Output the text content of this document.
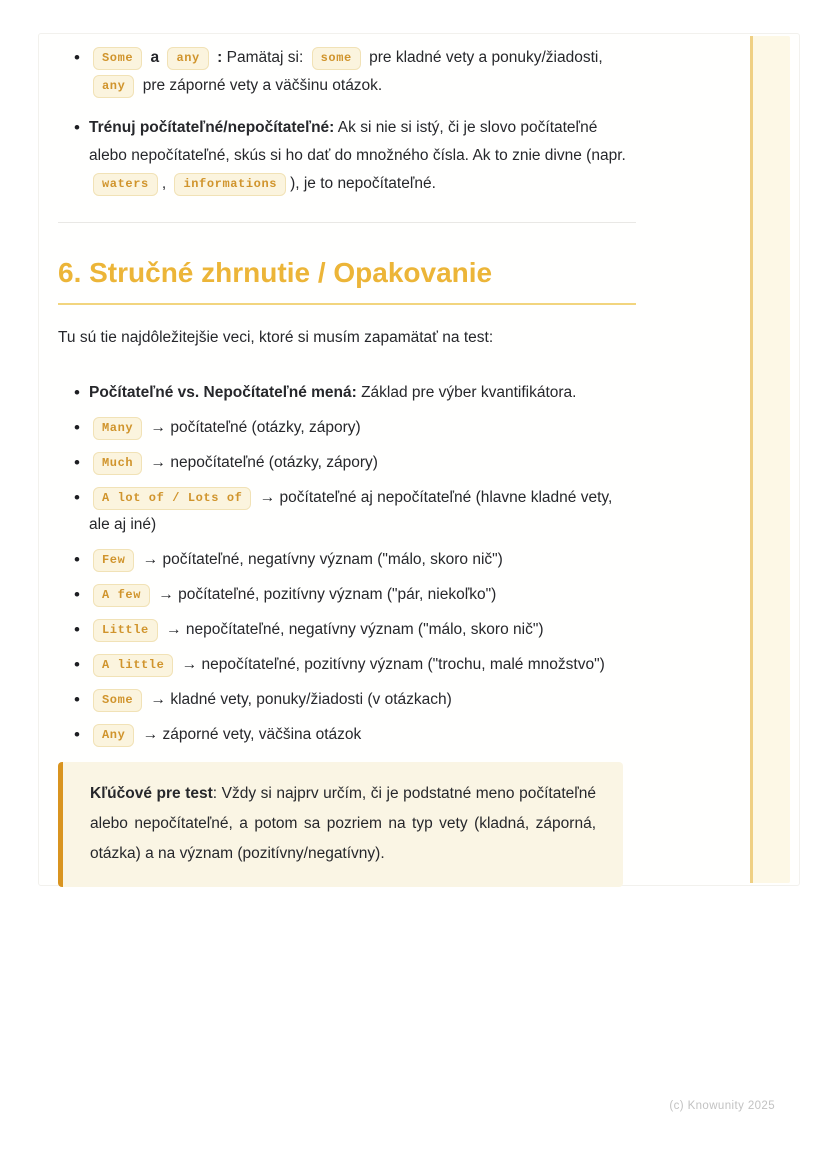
• Some a any : Pamätaj si: some pre kladné vety a ponuky/žiadosti, any pre záporné vety a väčšinu otázok.
• Trénuj počítateľné/nepočítateľné: Ak si nie si istý, či je slovo počítateľné alebo nepočítateľné, skús si ho dať do množného čísla. Ak to znie divne (napr. waters , informations ), je to nepočítateľné.
6. Stručné zhrnutie / Opakovanie

Tu sú tie najdôležitejšie veci, ktoré si musím zapamätať na test:

• Počítateľné vs. Nepočítateľné mená: Základ pre výber kvantifikátora.
• Many → počítateľné (otázky, zápory)
• Much → nepočítateľné (otázky, zápory)
• A lot of / Lots of → počítateľné aj nepočítateľné (hlavne kladné vety, ale aj iné)
• Few → počítateľné, negatívny význam ("málo, skoro nič")
• A few → počítateľné, pozitívny význam ("pár, niekoľko")
• Little → nepočítateľné, negatívny význam ("málo, skoro nič")
• A little → nepočítateľné, pozitívny význam ("trochu, malé množstvo")
• Some → kladné vety, ponuky/žiadosti (v otázkach)
• Any → záporné vety, väčšina otázok

Kľúčové pre test: Vždy si najprv určím, či je podstatné meno počítateľné alebo nepočítateľné, a potom sa pozriem na typ vety (kladná, záporná, otázka) a na význam (pozitívny/negatívny).

(c) Knowunity 2025
